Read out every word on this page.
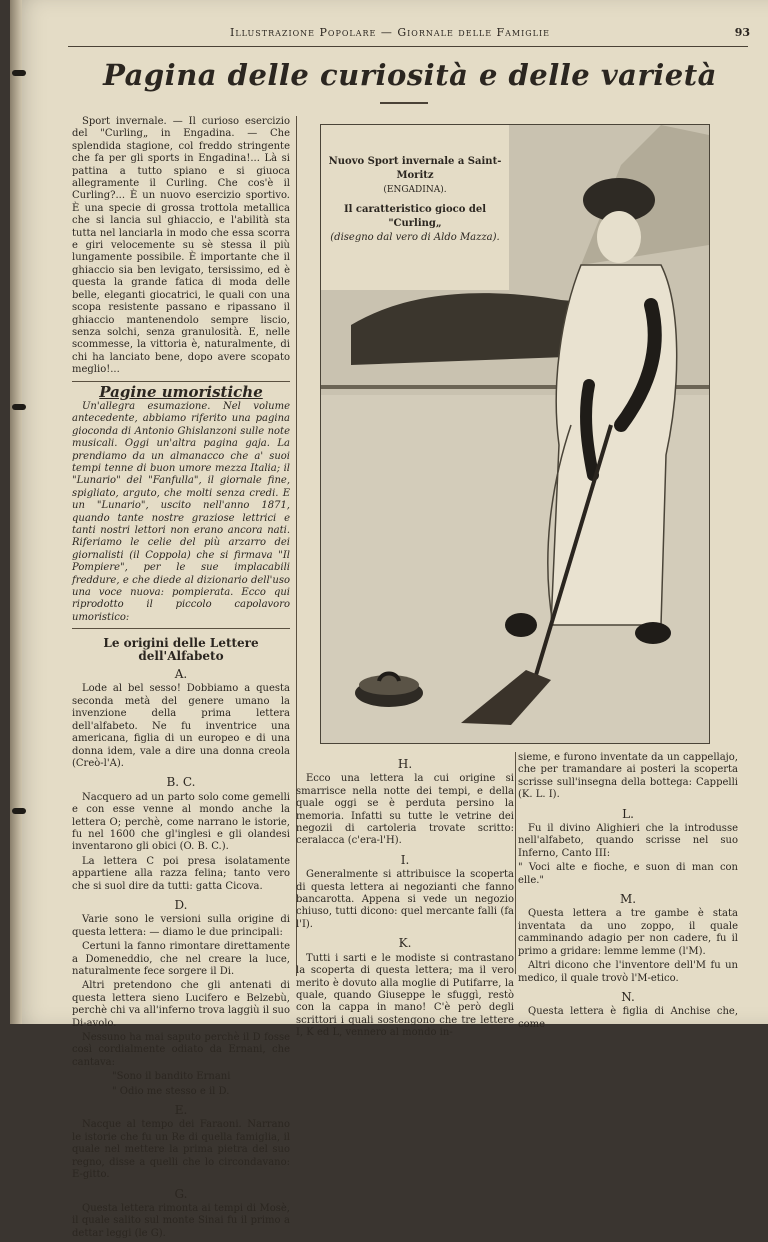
Illustrazione Popolare — Giornale delle Famiglie	93
Pagina delle curiosità e delle varietà

Sport invernale. — Il curioso esercizio del "Curling„ in Engadina. — Che splendida stagione, col freddo stringente che fa per gli sports in Engadina!... Là si pattina a tutto spiano e si giuoca allegramente il Curling. Che cos'è il Curling?... È un nuovo esercizio sportivo. È una specie di grossa trottola metallica che si lancia sul ghiaccio, e l'abilità sta tutta nel lanciarla in modo che essa scorra e giri velocemente su sè stessa il più lungamente possibile. È importante che il ghiaccio sia ben levigato, tersissimo, ed è questa la grande fatica di moda delle belle, eleganti giocatrici, le quali con una scopa resistente passano e ripassano il ghiaccio mantenendolo sempre liscio, senza solchi, senza granulosità. E, nelle scommesse, la vittoria è, naturalmente, di chi ha lanciato bene, dopo avere scopato meglio!...

Pagine umoristiche

Un'allegra esumazione. Nel volume antecedente, abbiamo riferito una pagina gioconda di Antonio Ghislanzoni sulle note musicali. Oggi un'altra pagina gaja. La prendiamo da un almanacco che a' suoi tempi tenne di buon umore mezza Italia; il "Lunario" del "Fanfulla", il giornale fine, spigliato, arguto, che molti senza credi. E un "Lunario", uscito nell'anno 1871, quando tante nostre graziose lettrici e tanti nostri lettori non erano ancora nati. Riferiamo le celie del più arzarro dei giornalisti (il Coppola) che si firmava "Il Pompiere", per le sue implacabili freddure, e che diede al dizionario dell'uso una voce nuova: pompierata. Ecco qui riprodotto il piccolo capolavoro umoristico:

Le origini delle Lettere dell'Alfabeto
A.

Lode al bel sesso! Dobbiamo a questa seconda metà del genere umano la invenzione della prima lettera dell'alfabeto. Ne fu inventrice una americana, figlia di un europeo e di una donna idem, vale a dire una donna creola (Creò-l'A).

B. C.

Nacquero ad un parto solo come gemelli e con esse venne al mondo anche la lettera O; perchè, come narrano le istorie, fu nel 1600 che gl'inglesi e gli olandesi inventarono gli obici (O. B. C.).

La lettera C poi presa isolatamente appartiene alla razza felina; tanto vero che si suol dire da tutti: gatta Cicova.

D.

Varie sono le versioni sulla origine di questa lettera: — diamo le due principali:

Certuni la fanno rimontare direttamente a Domeneddio, che nel creare la luce, naturalmente fece sorgere il Di.

Altri pretendono che gli antenati di questa lettera sieno Lucifero e Belzebù, perchè chi va all'inferno trova laggiù il suo Di-avolo.

Nessuno ha mai saputo perchè il D fosse così cordialmente odiato da Ernani, che cantava:

"Sono il bandito Ernani

" Odio me stesso e il D.

E.

Nacque al tempo dei Faraoni. Narrano le istorie che fu un Re di quella famiglia, il quale nel mettere la prima pietra del suo regno, disse a quelli che lo circondavano: E-gitto.

G.

Questa lettera rimonta ai tempi di Mosè, il quale salito sul monte Sinai fu il primo a dettar leggi (le G).

Nuovo Sport invernale a Saint-Moritz
(ENGADINA).
Il caratteristico gioco del "Curling„
(disegno dal vero di Aldo Mazza).
H.

Ecco una lettera la cui origine si smarrisce nella notte dei tempi, e della quale oggi se è perduta persino la memoria. Infatti su tutte le vetrine dei negozii di cartoleria trovate scritto: ceralacca (c'era-l'H).

I.

Generalmente si attribuisce la scoperta di questa lettera ai negozianti che fanno bancarotta. Appena si vede un negozio chiuso, tutti dicono: quel mercante falli (fa l'I).

K.

Tutti i sarti e le modiste si contrastano la scoperta di questa lettera; ma il vero merito è dovuto alla moglie di Putifarre, la quale, quando Giuseppe le sfuggì, restò con la cappa in mano! C'è però degli scrittori i quali sostengono che tre lettere I, K ed L, vennero al mondo in-

sieme, e furono inventate da un cappellajo, che per tramandare ai posteri la scoperta scrisse sull'insegna della bottega: Cappelli (K. L. I).

L.

Fu il divino Alighieri che la introdusse nell'alfabeto, quando scrisse nel suo Inferno, Canto III:

" Voci alte e fioche, e suon di man con elle."

M.

Questa lettera a tre gambe è stata inventata da uno zoppo, il quale camminando adagio per non cadere, fu il primo a gridare: lemme lemme (l'M).

Altri dicono che l'inventore dell'M fu un medico, il quale trovò l'M-etico.

N.

Questa lettera è figlia di Anchise che, come
